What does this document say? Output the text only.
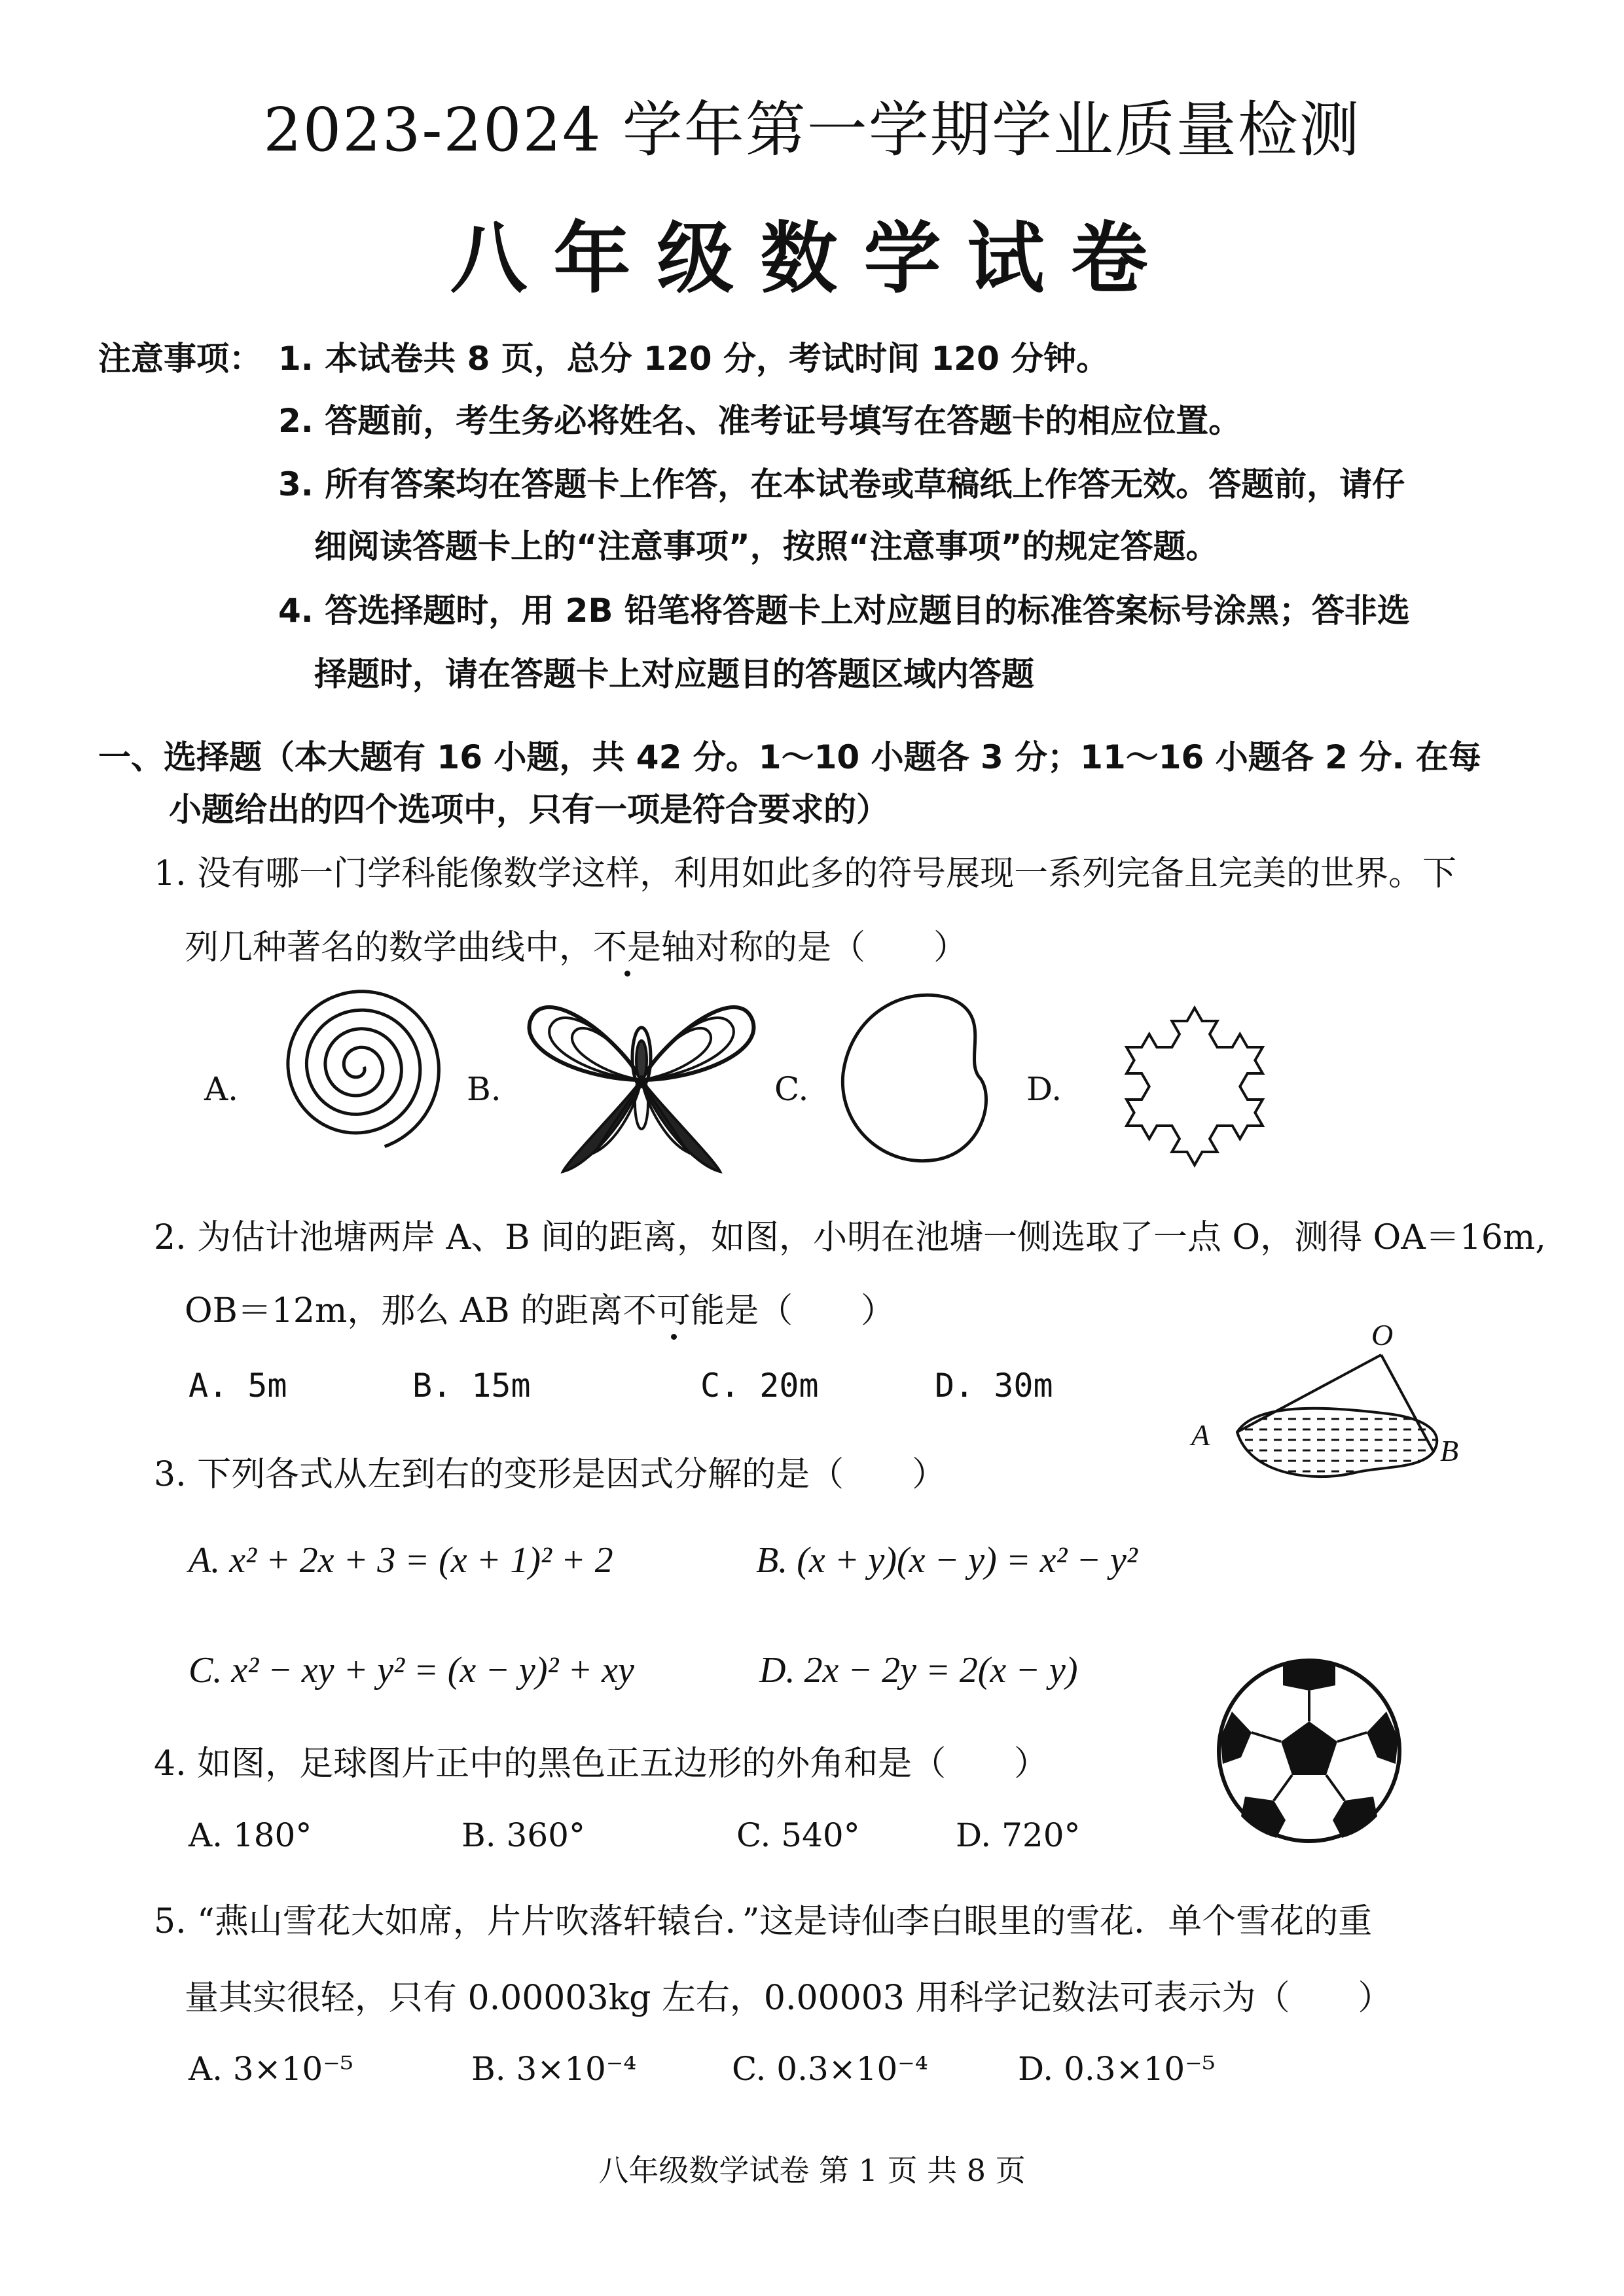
2023-2024 学年第一学期学业质量检测
八年级数学试卷
注意事项： 1. 本试卷共 8 页，总分 120 分，考试时间 120 分钟。
2. 答题前，考生务必将姓名、准考证号填写在答题卡的相应位置。
3. 所有答案均在答题卡上作答，在本试卷或草稿纸上作答无效。答题前，请仔
细阅读答题卡上的“注意事项”，按照“注意事项”的规定答题。
4. 答选择题时，用 2B 铅笔将答题卡上对应题目的标准答案标号涂黑；答非选
择题时，请在答题卡上对应题目的答题区域内答题
一、选择题（本大题有 16 小题，共 42 分。1～10 小题各 3 分；11～16 小题各 2 分. 在每
小题给出的四个选项中，只有一项是符合要求的）
1. 没有哪一门学科能像数学这样，利用如此多的符号展现一系列完备且完美的世界。下
列几种著名的数学曲线中，不是轴对称的是（　　）
A.	B.	C.	D.
2. 为估计池塘两岸 A、B 间的距离，如图，小明在池塘一侧选取了一点 O，测得 OA＝16m,
OB＝12m，那么 AB 的距离不可能是（　　）
A. 5m	B. 15m	C. 20m	D. 30m
O
A	B
3. 下列各式从左到右的变形是因式分解的是（　　）
A. x² + 2x + 3 = (x + 1)² + 2	B. (x + y)(x − y) = x² − y²
C. x² − xy + y² = (x − y)² + xy	D. 2x − 2y = 2(x − y)
4. 如图，足球图片正中的黑色正五边形的外角和是（　　）
A. 180°	B. 360°	C. 540°	D. 720°
5. “燕山雪花大如席，片片吹落轩辕台．”这是诗仙李白眼里的雪花．单个雪花的重
量其实很轻，只有 0.00003kg 左右，0.00003 用科学记数法可表示为（　　）
A. 3×10⁻⁵	B. 3×10⁻⁴	C. 0.3×10⁻⁴	D. 0.3×10⁻⁵
八年级数学试卷 第 1 页 共 8 页
